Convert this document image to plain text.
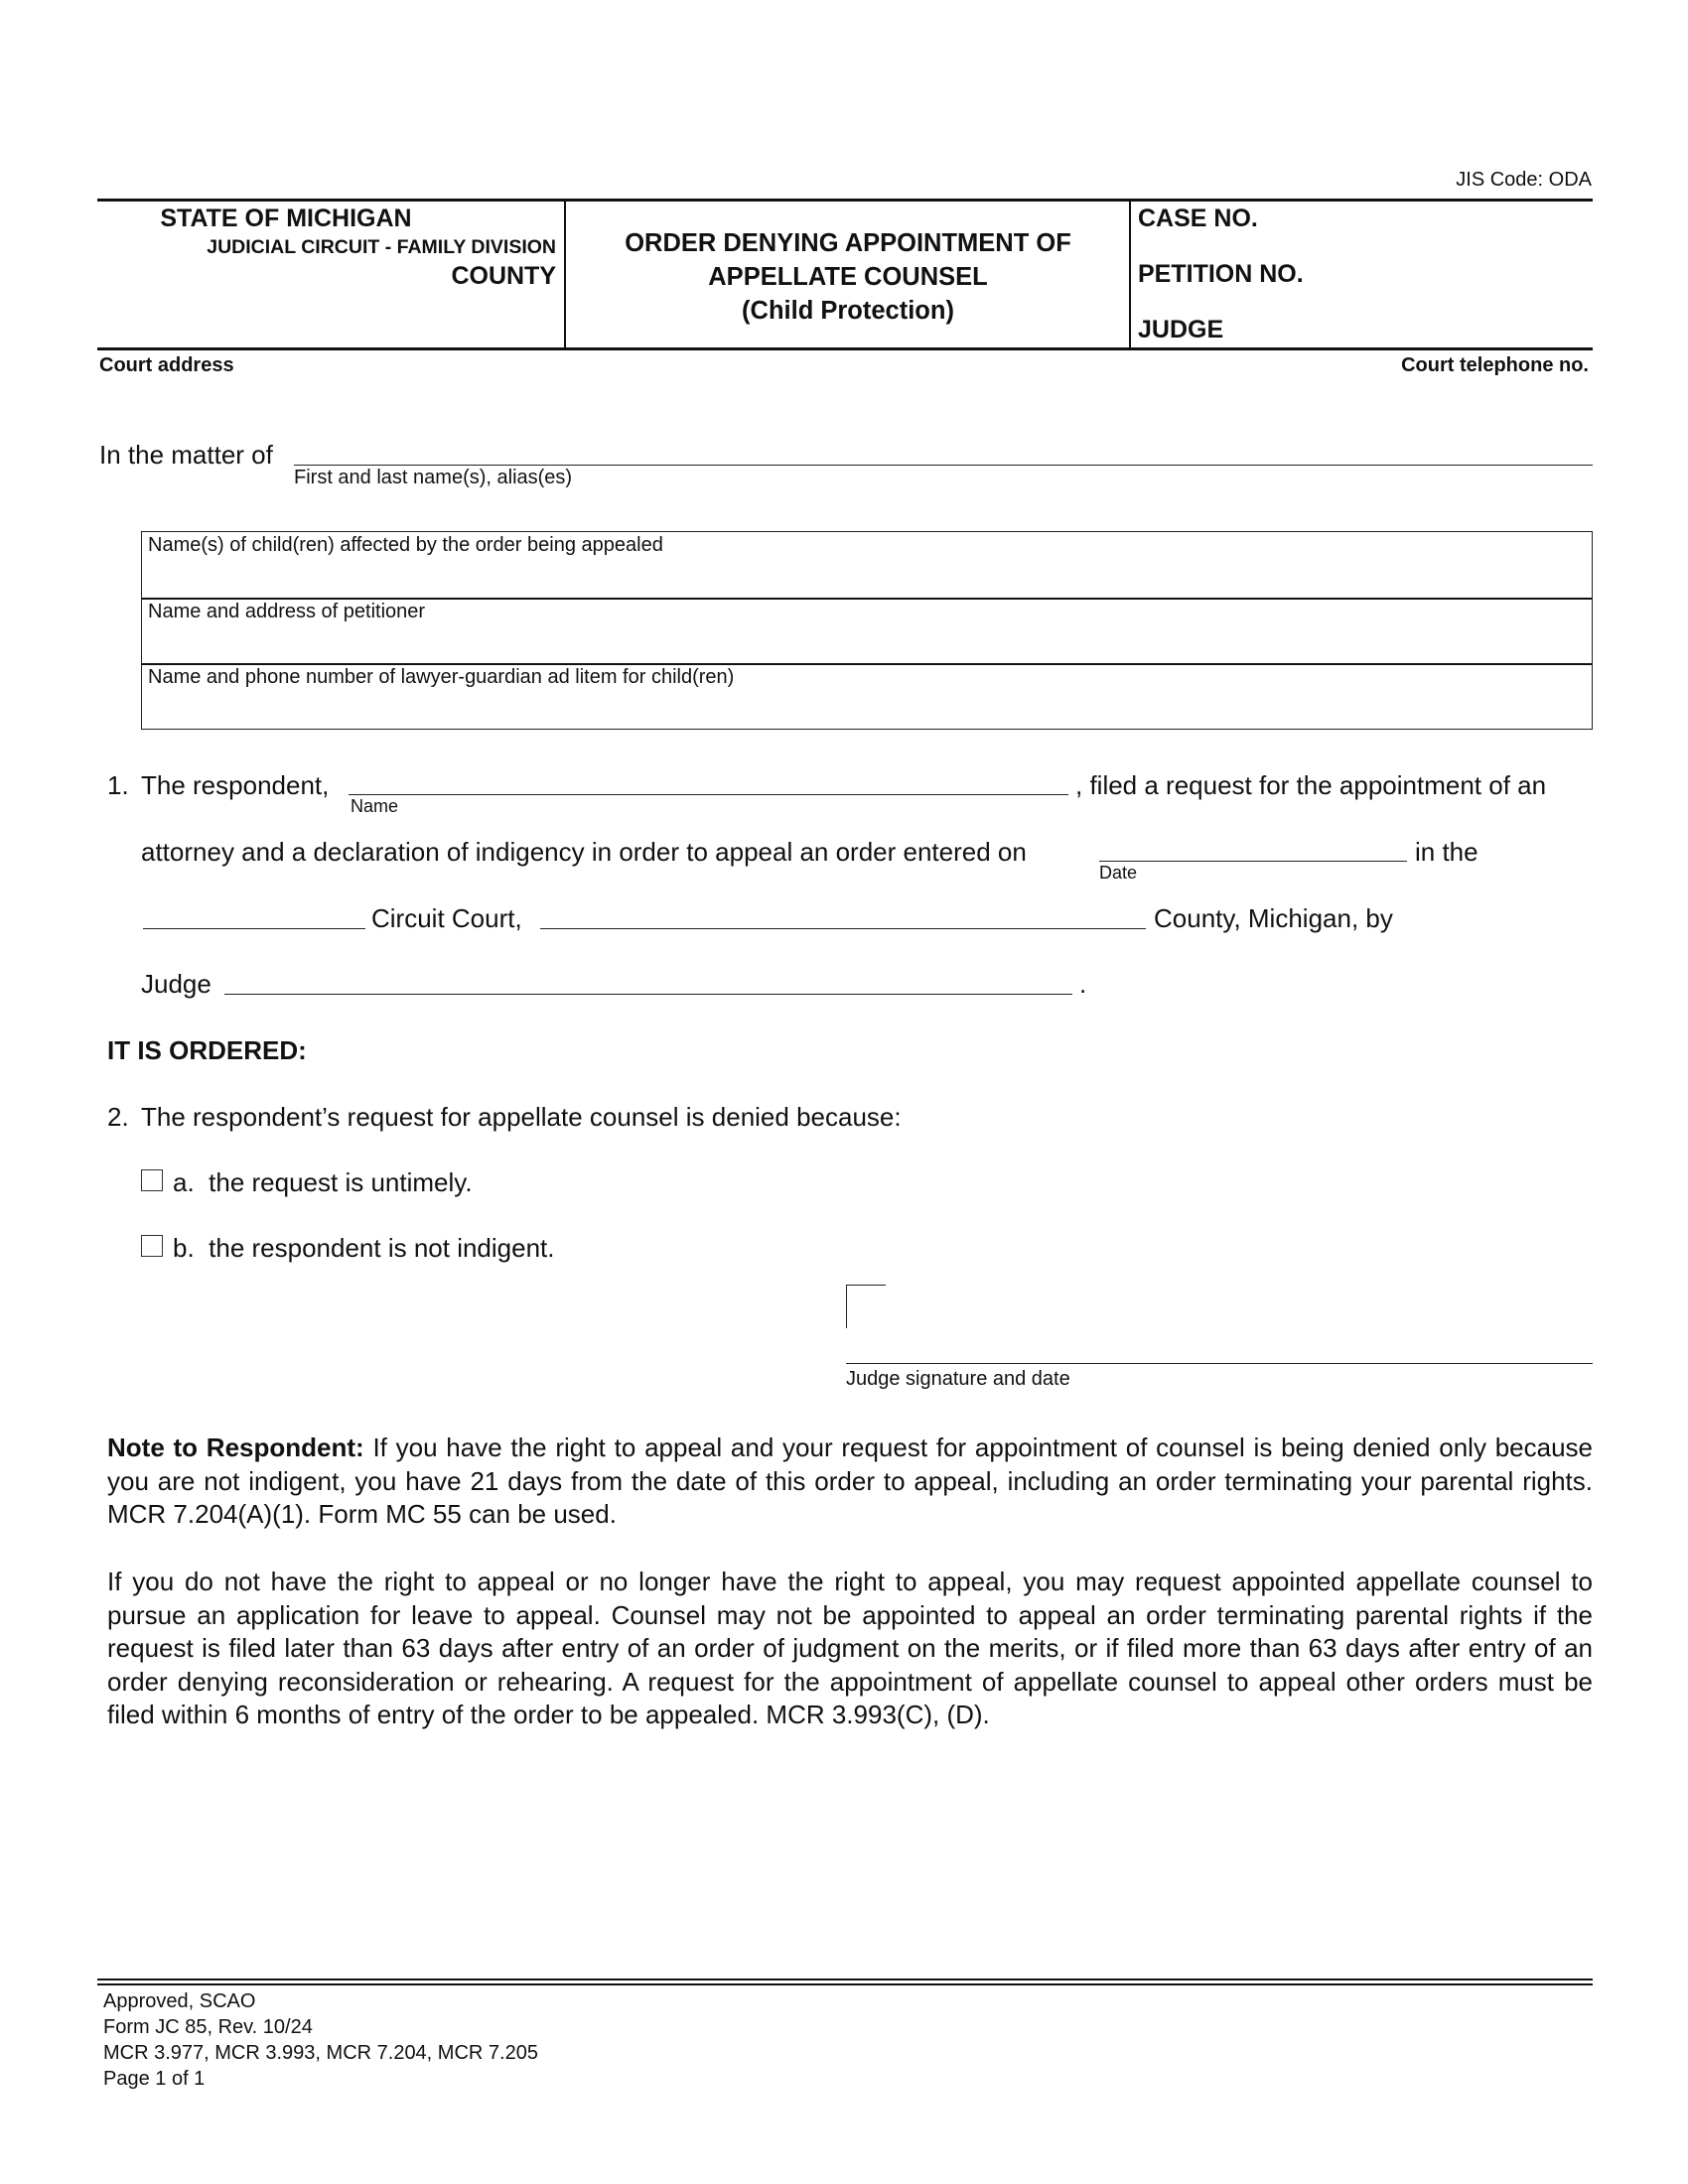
JIS Code: ODA
STATE OF MICHIGAN
JUDICIAL CIRCUIT - FAMILY DIVISION
COUNTY
ORDER DENYING APPOINTMENT OF
APPELLATE COUNSEL
(Child Protection)
CASE NO.
PETITION NO.
JUDGE
Court address	Court telephone no.
In the matter of
First and last name(s), alias(es)
Name(s) of child(ren) affected by the order being appealed
Name and address of petitioner
Name and phone number of lawyer-guardian ad litem for child(ren)
1. The respondent,
Name
, filed a request for the appointment of an
attorney and a declaration of indigency in order to appeal an order entered on
Date
in the
Circuit Court,	County, Michigan, by
Judge	.
IT IS ORDERED:
2. The respondent’s request for appellate counsel is denied because:
a.  the request is untimely.
b.  the respondent is not indigent.
Judge signature and date
Note to Respondent: If you have the right to appeal and your request for appointment of counsel is being denied only because you are not indigent, you have 21 days from the date of this order to appeal, including an order terminating your parental rights. MCR 7.204(A)(1). Form MC 55 can be used.
If you do not have the right to appeal or no longer have the right to appeal, you may request appointed appellate counsel to pursue an application for leave to appeal. Counsel may not be appointed to appeal an order terminating parental rights if the request is filed later than 63 days after entry of an order of judgment on the merits, or if filed more than 63 days after entry of an order denying reconsideration or rehearing. A request for the appointment of appellate counsel to appeal other orders must be filed within 6 months of entry of the order to be appealed. MCR 3.993(C), (D).
Approved, SCAO
Form JC 85, Rev. 10/24
MCR 3.977, MCR 3.993, MCR 7.204, MCR 7.205
Page 1 of 1
